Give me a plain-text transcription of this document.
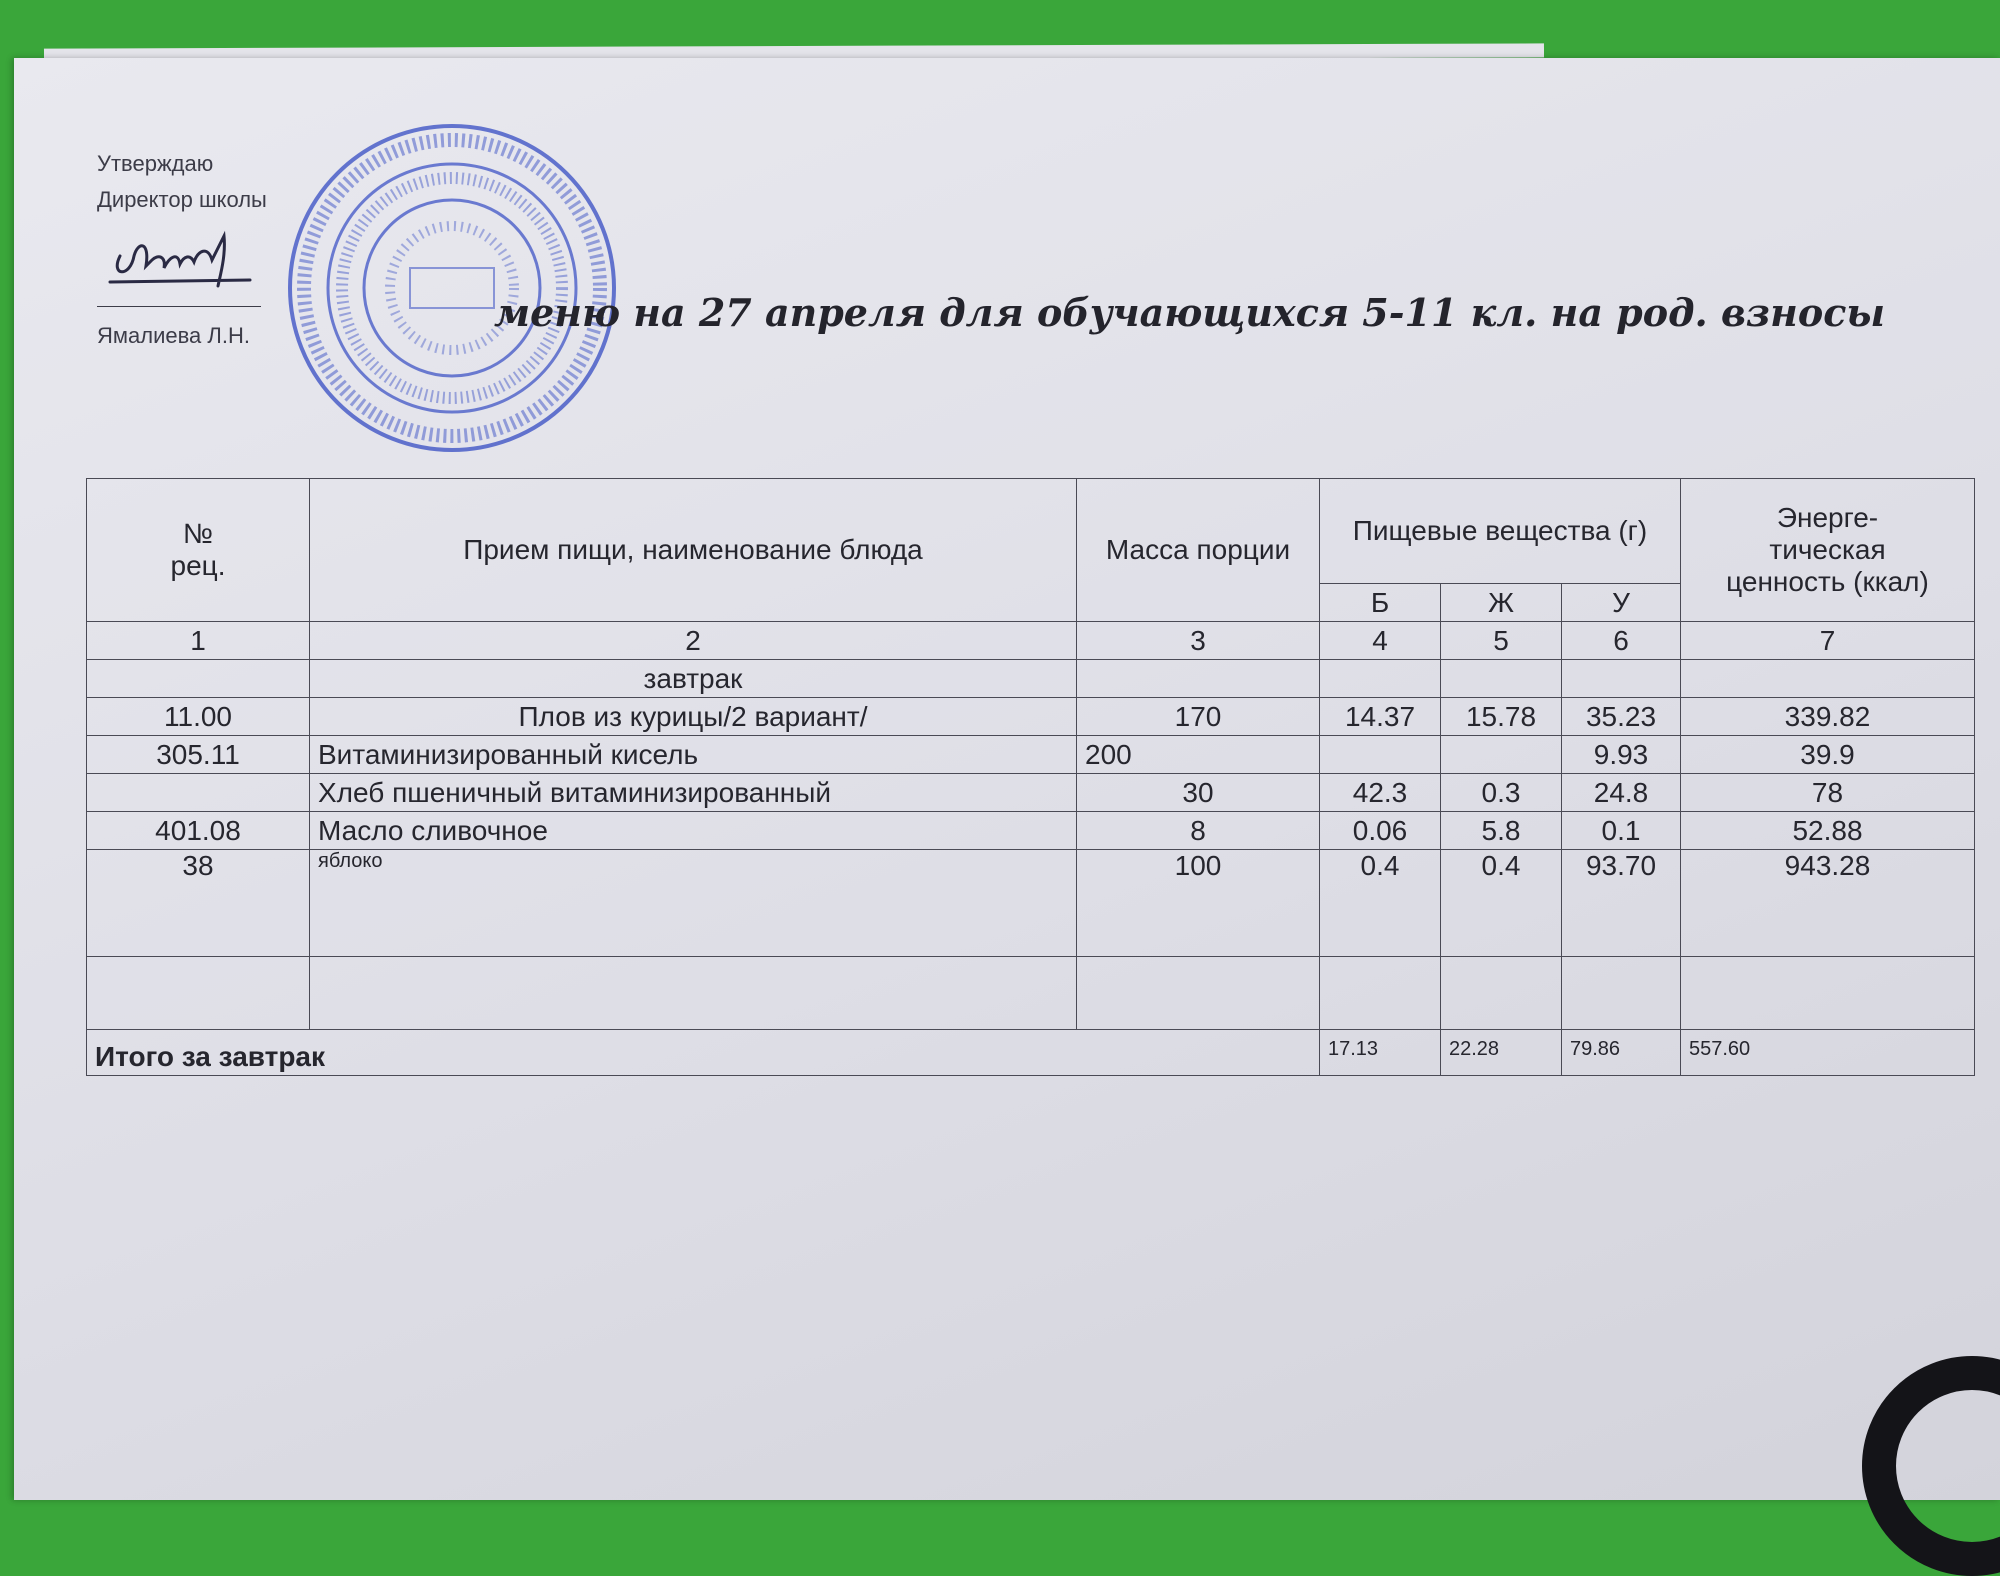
Утверждаю
Директор школы
Ямалиева Л.Н.
меню на 27 апреля для обучающихся 5-11 кл. на род. взносы
№
рец.	Прием пищи, наименование блюда	Масса порции	Пищевые вещества (г)			Энерге-
тическая
ценность (ккал)
			Б	Ж	У	
1	2	3	4	5	6	7
	завтрак					
11.00	Плов из курицы/2 вариант/	170	14.37	15.78	35.23	339.82
305.11	Витаминизированный кисель	200			9.93	39.9
	Хлеб пшеничный витаминизированный	30	42.3	0.3	24.8	78
401.08	Масло сливочное	8	0.06	5.8	0.1	52.88
38	яблоко	100	0.4	0.4	93.70	943.28

Итого за завтрак			17.13	22.28	79.86	557.60
